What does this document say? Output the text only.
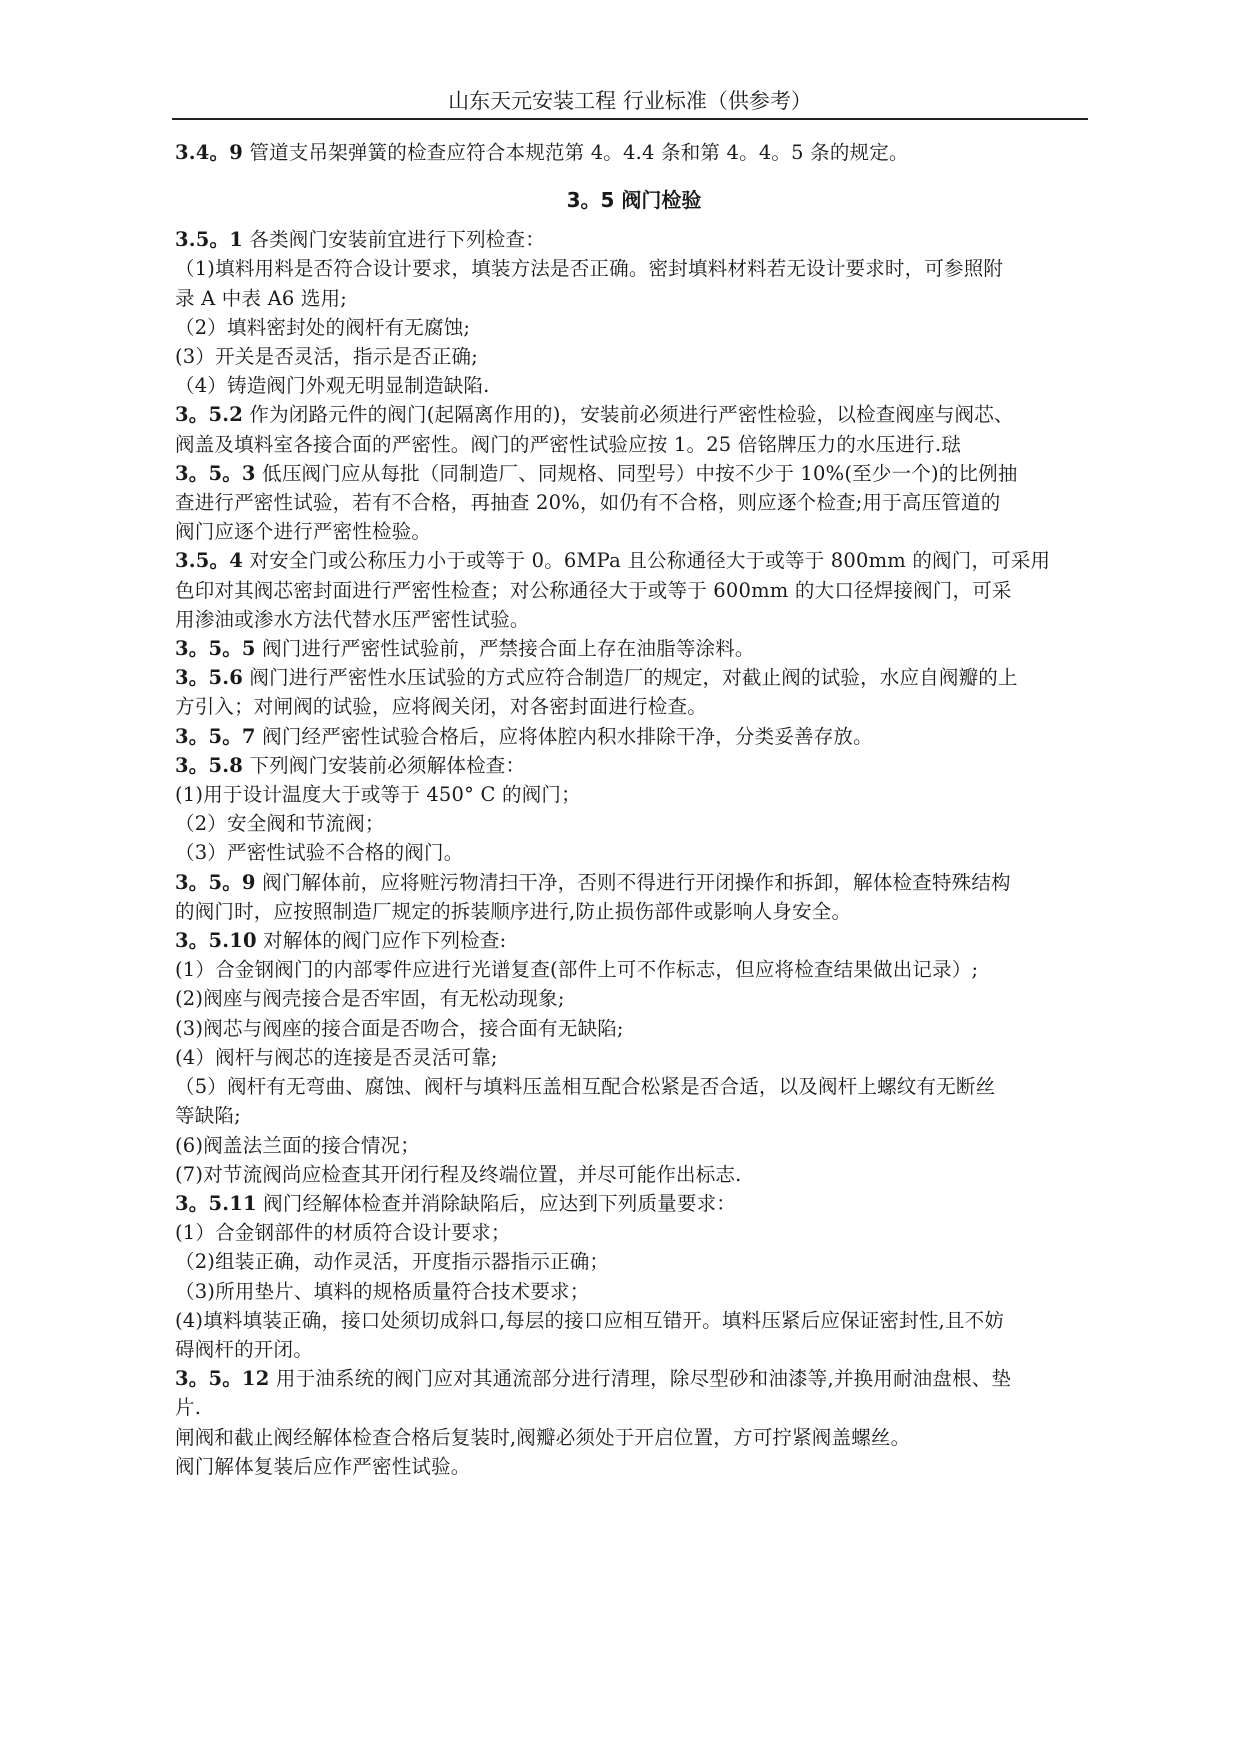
山东天元安装工程 行业标准（供参考）

3.4。9 管道支吊架弹簧的检查应符合本规范第 4。4.4 条和第 4。4。5 条的规定。

3。5 阀门检验

3.5。1 各类阀门安装前宜进行下列检查：

（1)填料用料是否符合设计要求，填装方法是否正确。密封填料材料若无设计要求时，可参照附

录 A 中表 A6 选用;

（2）填料密封处的阀杆有无腐蚀;

(3）开关是否灵活，指示是否正确;

（4）铸造阀门外观无明显制造缺陷.

3。5.2 作为闭路元件的阀门(起隔离作用的)，安装前必须进行严密性检验，以检查阀座与阀芯、

阀盖及填料室各接合面的严密性。阀门的严密性试验应按 1。25 倍铭牌压力的水压进行.琺

3。5。3 低压阀门应从每批（同制造厂、同规格、同型号）中按不少于 10%(至少一个)的比例抽

查进行严密性试验，若有不合格，再抽查 20%，如仍有不合格，则应逐个检查;用于高压管道的

阀门应逐个进行严密性检验。

3.5。4 对安全门或公称压力小于或等于 0。6MPa 且公称通径大于或等于 800mm 的阀门，可采用

色印对其阀芯密封面进行严密性检查；对公称通径大于或等于 600mm 的大口径焊接阀门，可采

用渗油或渗水方法代替水压严密性试验。

3。5。5 阀门进行严密性试验前，严禁接合面上存在油脂等涂料。

3。5.6 阀门进行严密性水压试验的方式应符合制造厂的规定，对截止阀的试验，水应自阀瓣的上

方引入；对闸阀的试验，应将阀关闭，对各密封面进行检查。

3。5。7 阀门经严密性试验合格后，应将体腔内积水排除干净，分类妥善存放。

3。5.8 下列阀门安装前必须解体检查：

(1)用于设计温度大于或等于 450° C 的阀门；

（2）安全阀和节流阀；

（3）严密性试验不合格的阀门。

3。5。9 阀门解体前，应将赃污物清扫干净，否则不得进行开闭操作和拆卸，解体检查特殊结构

的阀门时，应按照制造厂规定的拆装顺序进行,防止损伤部件或影响人身安全。

3。5.10 对解体的阀门应作下列检查:

(1）合金钢阀门的内部零件应进行光谱复查(部件上可不作标志，但应将检查结果做出记录）;

(2)阀座与阀壳接合是否牢固，有无松动现象;

(3)阀芯与阀座的接合面是否吻合，接合面有无缺陷;

(4）阀杆与阀芯的连接是否灵活可靠;

（5）阀杆有无弯曲、腐蚀、阀杆与填料压盖相互配合松紧是否合适，以及阀杆上螺纹有无断丝

等缺陷;

(6)阀盖法兰面的接合情况；

(7)对节流阀尚应检查其开闭行程及终端位置，并尽可能作出标志.

3。5.11 阀门经解体检查并消除缺陷后，应达到下列质量要求：

(1）合金钢部件的材质符合设计要求；

（2)组装正确，动作灵活，开度指示器指示正确；

（3)所用垫片、填料的规格质量符合技术要求；

(4)填料填装正确，接口处须切成斜口,每层的接口应相互错开。填料压紧后应保证密封性,且不妨

碍阀杆的开闭。

3。5。12 用于油系统的阀门应对其通流部分进行清理，除尽型砂和油漆等,并换用耐油盘根、垫

片.

闸阀和截止阀经解体检查合格后复装时,阀瓣必须处于开启位置，方可拧紧阀盖螺丝。

阀门解体复装后应作严密性试验。
